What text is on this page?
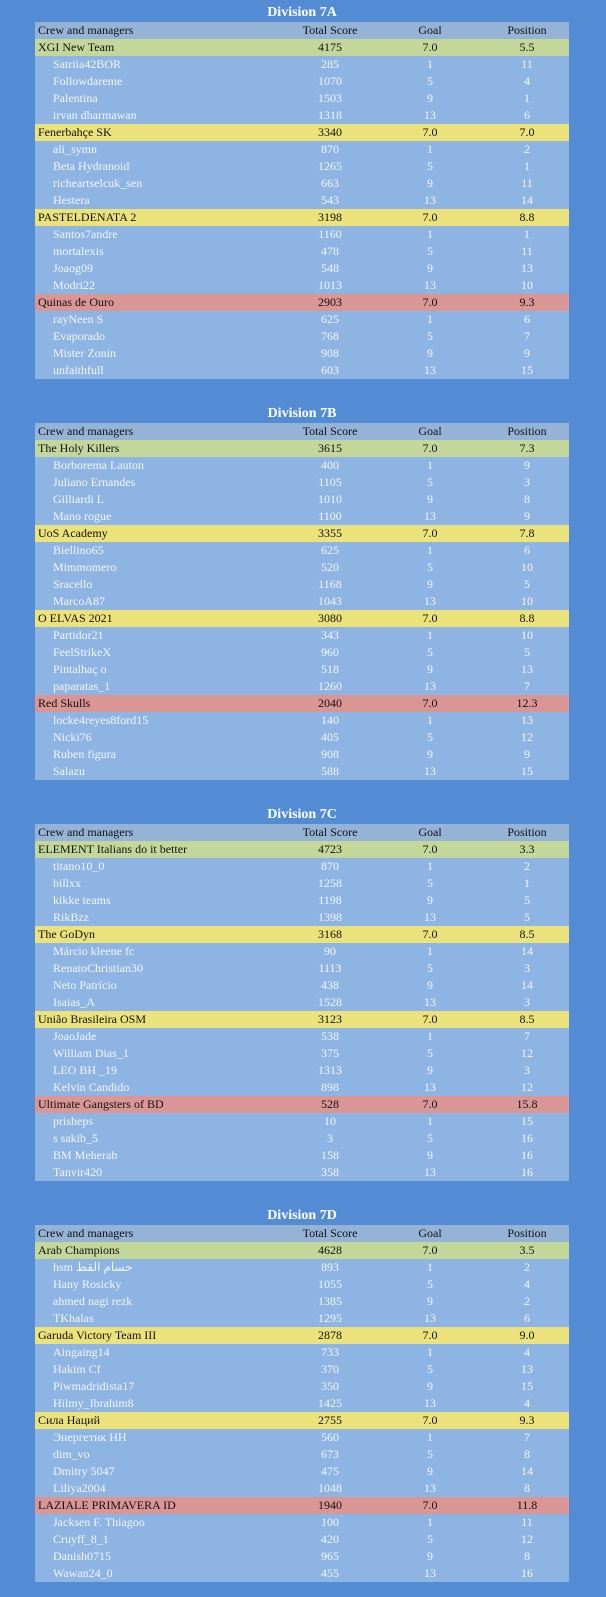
Division 7A
Crew and managers	Total Score	Goal	Position
XGI New Team	4175	7.0	5.5
Satriia42BOR	285	1	11
Followdareme	1070	5	4
Palentina	1503	9	1
irvan dharmawan	1318	13	6
Fenerbahçe SK	3340	7.0	7.0
ali_symn	870	1	2
Beta Hydranoid	1265	5	1
richeartselcuk_sen	663	9	11
Hestera	543	13	14
PASTELDENATA 2	3198	7.0	8.8
Santos7andre	1160	1	1
mortalexis	478	5	11
Joaog09	548	9	13
Modri22	1013	13	10
Quinas de Ouro	2903	7.0	9.3
rayNeen S	625	1	6
Evaporado	768	5	7
Mister Zonin	908	9	9
unfaithfull	603	13	15
Division 7B
Crew and managers	Total Score	Goal	Position
The Holy Killers	3615	7.0	7.3
Borborema Lauton	400	1	9
Juliano Ernandes	1105	5	3
Gilliardi L	1010	9	8
Mano rogue	1100	13	9
UoS Academy	3355	7.0	7.8
Biellino65	625	1	6
Mimmomero	520	5	10
Sracello	1168	9	5
MarcoA87	1043	13	10
O ELVAS 2021	3080	7.0	8.8
Partidor21	343	1	10
FeelStrikeX	960	5	5
Pintalhaç o	518	9	13
paparatas_1	1260	13	7
Red Skulls	2040	7.0	12.3
locke4reyes8ford15	140	1	13
Nicki76	405	5	12
Ruben figura	908	9	9
Salazu	588	13	15
Division 7C
Crew and managers	Total Score	Goal	Position
ELEMENT Italians do it better	4723	7.0	3.3
titano10_0	870	1	2
billxx	1258	5	1
kikke teams	1198	9	5
RikBzz	1398	13	5
The GoDyn	3168	7.0	8.5
Márcio kleene fc	90	1	14
RenatoChristian30	1113	5	3
Neto Patrício	438	9	14
Isaias_A	1528	13	3
União Brasileira OSM	3123	7.0	8.5
JoaoJade	538	1	7
William Dias_1	375	5	12
LEO BH _19	1313	9	3
Kelvin Candido	898	13	12
Ultimate Gangsters of BD	528	7.0	15.8
prisheps	10	1	15
s sakib_5	3	5	16
BM Meherab	158	9	16
Tanvir420	358	13	16
Division 7D
Crew and managers	Total Score	Goal	Position
Arab Champions	4628	7.0	3.5
hsm حسام القط	893	1	2
Hany Rosicky	1055	5	4
ahmed nagi rezk	1385	9	2
TKhalas	1295	13	6
Garuda Victory Team III	2878	7.0	9.0
Aingaing14	733	1	4
Hakim Cf	370	5	13
Piwmadridista17	350	9	15
Hilmy_Ibrahim8	1425	13	4
Сила Наций	2755	7.0	9.3
Энергетик НН	560	1	7
dim_vo	673	5	8
Dmitry 5047	475	9	14
Liliya2004	1048	13	8
LAZIALE PRIMAVERA ID	1940	7.0	11.8
Jacksen F. Thiagoo	100	1	11
Cruyff_8_1	420	5	12
Danish0715	965	9	8
Wawan24_0	455	13	16
